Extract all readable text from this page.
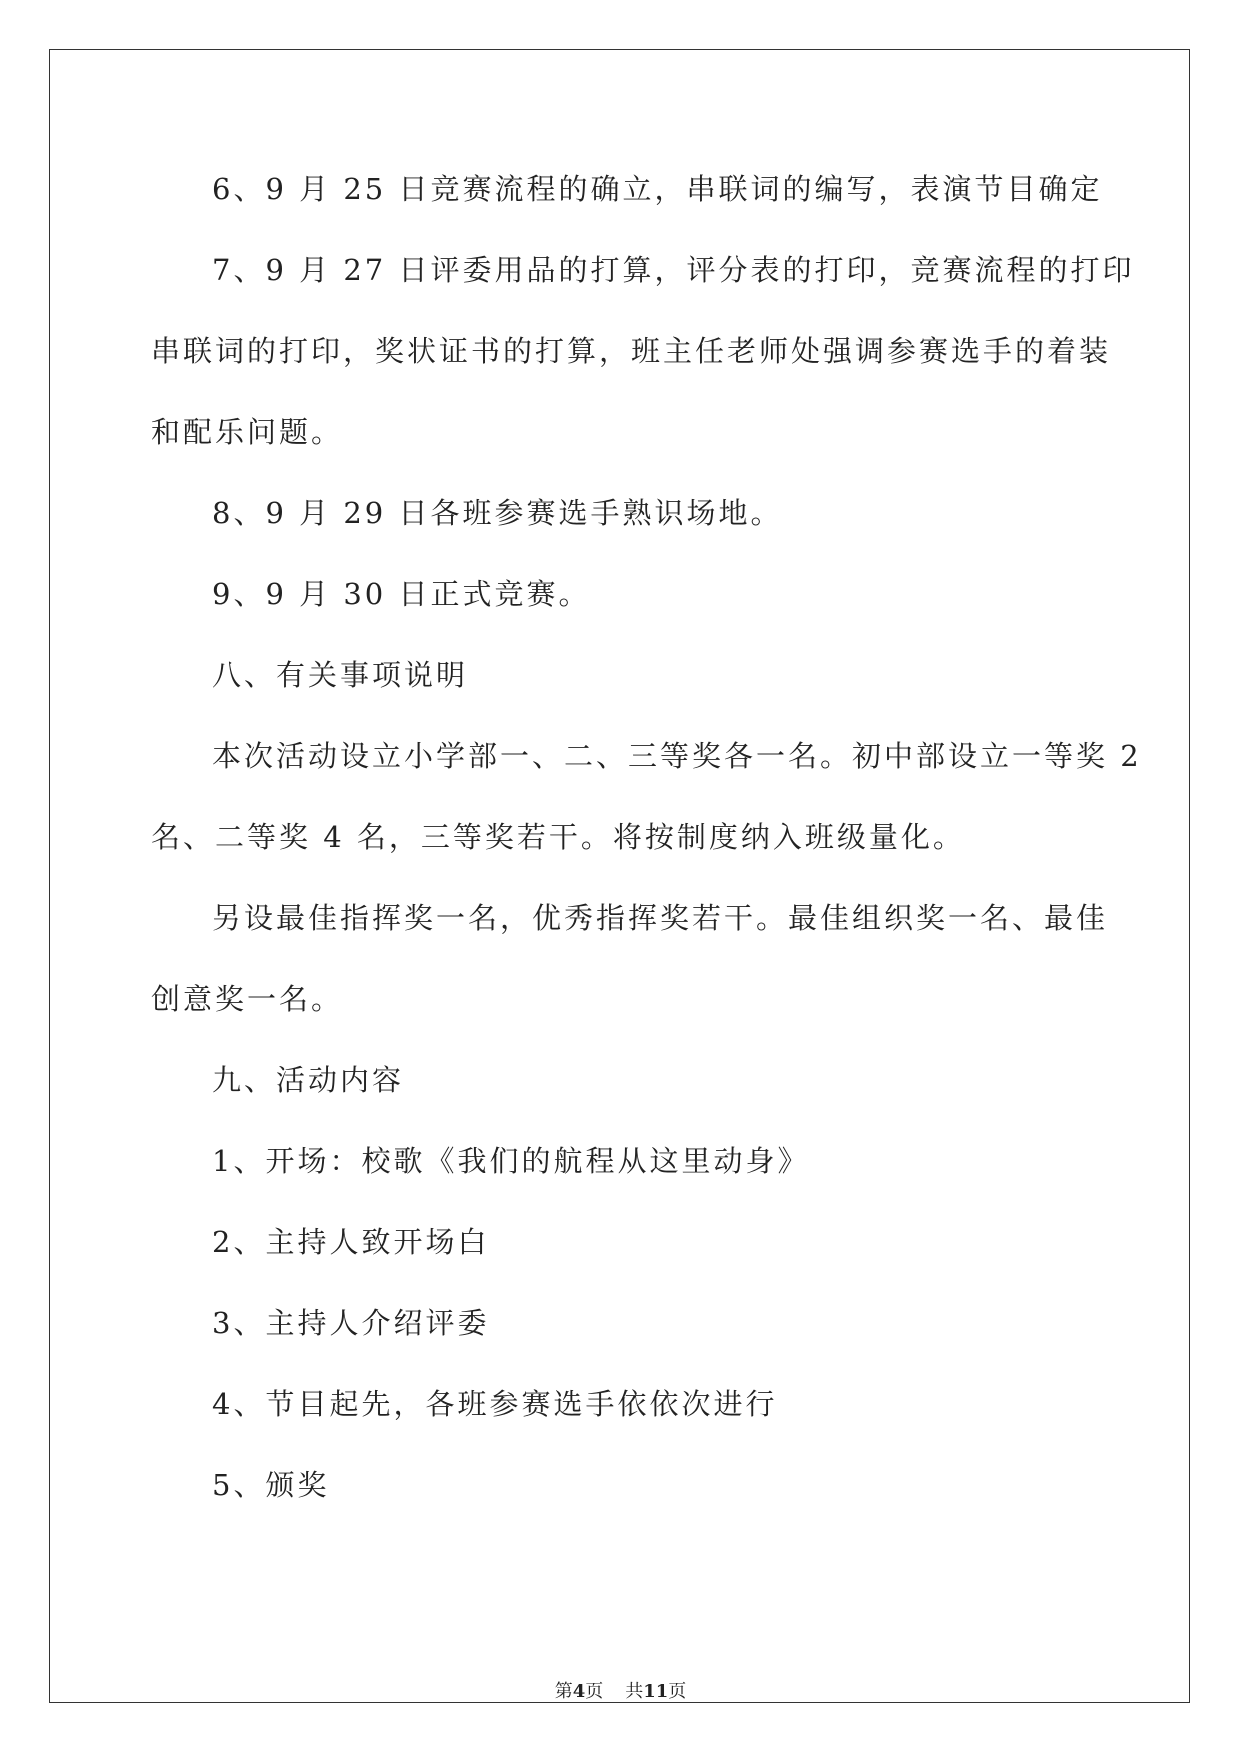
6、9 月 25 日竞赛流程的确立，串联词的编写，表演节目确定

7、9 月 27 日评委用品的打算，评分表的打印，竞赛流程的打印

串联词的打印，奖状证书的打算，班主任老师处强调参赛选手的着装

和配乐问题。

8、9 月 29 日各班参赛选手熟识场地。

9、9 月 30 日正式竞赛。

八、有关事项说明

本次活动设立小学部一、二、三等奖各一名。初中部设立一等奖 2

名、二等奖 4 名，三等奖若干。将按制度纳入班级量化。

另设最佳指挥奖一名，优秀指挥奖若干。最佳组织奖一名、最佳

创意奖一名。

九、活动内容

1、开场：校歌《我们的航程从这里动身》

2、主持人致开场白

3、主持人介绍评委

4、节目起先，各班参赛选手依依次进行

5、颁奖

第4页 共11页
